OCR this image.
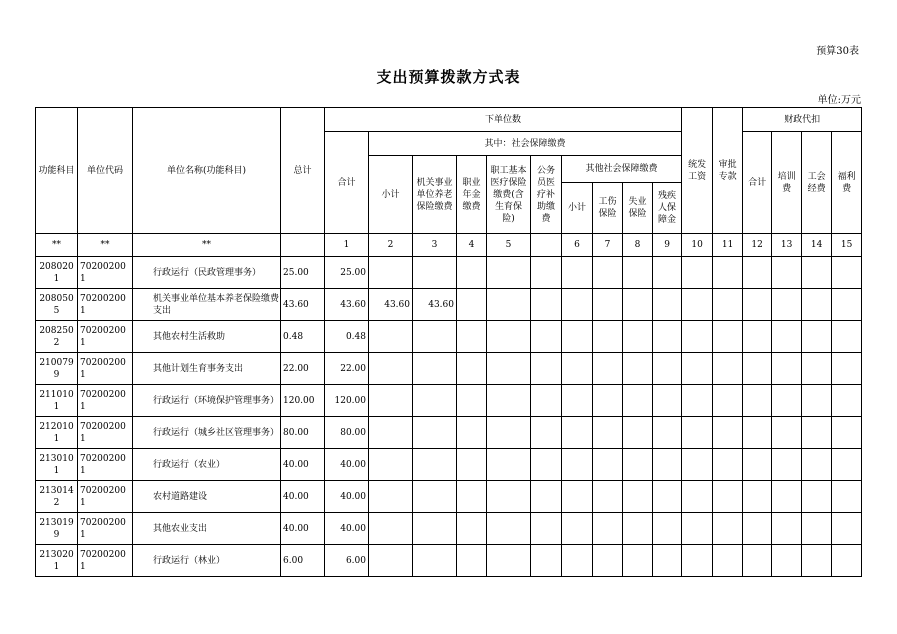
预算30表
支出预算拨款方式表
单位:万元
功能科目	单位代码	单位名称(功能科目)	总计	下单位数										统发工资	审批专款	财政代扣			
				合计	其中：社会保障缴费											合计	培训费	工会经费	福利费
					小计	机关事业单位养老保险缴费	职业年金缴费	职工基本医疗保险缴费(含生育保险)	公务员医疗补助缴费	其他社会保障缴费									
										小计	工伤保险	失业保险	残疾人保障金						
**	**	**		1	2	3	4	5		6	7	8	9	10	11	12	13	14	15
2080201	702002001	行政运行（民政管理事务）	25.00	25.00															
2080505	702002001	机关事业单位基本养老保险缴费支出	43.60	43.60	43.60	43.60													
2082502	702002001	其他农村生活救助	0.48	0.48															
2100799	702002001	其他计划生育事务支出	22.00	22.00															
2110101	702002001	行政运行（环境保护管理事务）	120.00	120.00															
2120101	702002001	行政运行（城乡社区管理事务）	80.00	80.00															
2130101	702002001	行政运行（农业）	40.00	40.00															
2130142	702002001	农村道路建设	40.00	40.00															
2130199	702002001	其他农业支出	40.00	40.00															
2130201	702002001	行政运行（林业）	6.00	6.00															
